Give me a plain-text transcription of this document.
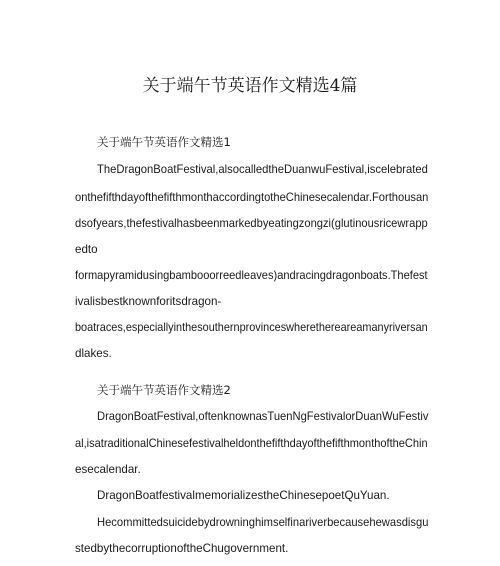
关于端午节英语作文精选4篇
关于端午节英语作文精选1

TheDragonBoatFestival,alsocalledtheDuanwuFestival,iscelebrated

onthefifthdayofthefifthmonthaccordingtotheChinesecalendar.Forthousan

dsofyears,thefestivalhasbeenmarkedbyeatingzongzi(glutinousricewrapp

edto

formapyramidusingbambooorreedleaves)andracingdragonboats.Thefest

ivalisbestknownforitsdragon-

boatraces,especiallyinthesouthernprovinceswherethereareamanyriversan

dlakes.

关于端午节英语作文精选2

DragonBoatFestival,oftenknownasTuenNgFestivalorDuanWuFestiv

al,isatraditionalChinesefestivalheldonthefifthdayofthefifthmonthoftheChin

esecalendar.

DragonBoatfestivalmemorializestheChinesepoetQuYuan.

Hecommittedsuicidebydrowninghimselfinariverbecausehewasdisgu

stedbythecorruptionoftheChugovernment.
